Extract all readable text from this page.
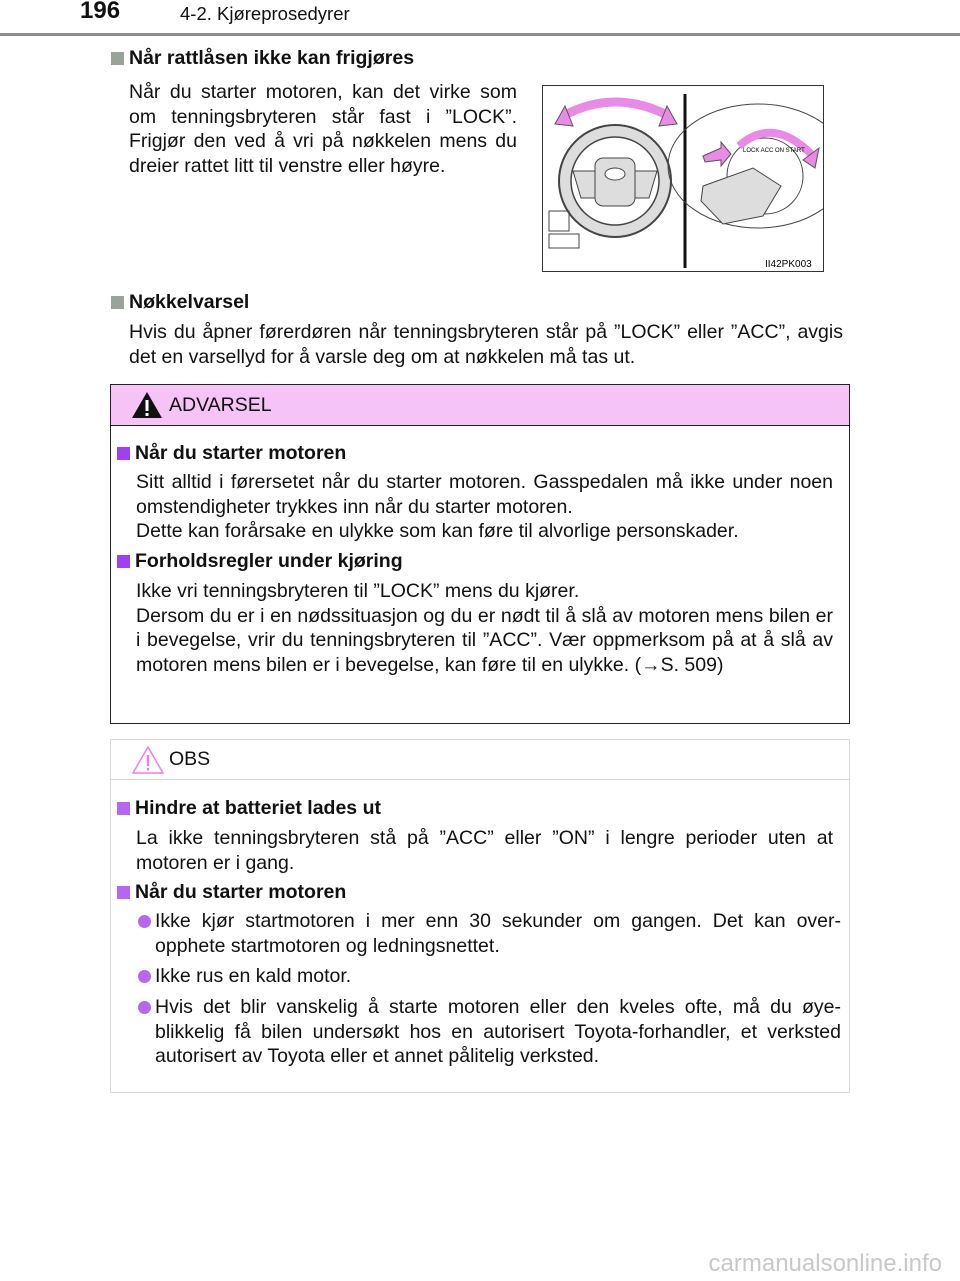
196	4-2. Kjøreprosedyrer
Når rattlåsen ikke kan frigjøres
Når du starter motoren, kan det virke som om tenningsbryteren står fast i ”LOCK”. Frigjør den ved å vri på nøkkelen mens du dreier rattet litt til venstre eller høyre.
LOCK ACC ON START
II42PK003
Nøkkelvarsel
Hvis du åpner førerdøren når tenningsbryteren står på ”LOCK” eller ”ACC”, avgis det en varsellyd for å varsle deg om at nøkkelen må tas ut.
ADVARSEL
Når du starter motoren
Sitt alltid i førersetet når du starter motoren. Gasspedalen må ikke under noen omstendigheter trykkes inn når du starter motoren.
Dette kan forårsake en ulykke som kan føre til alvorlige personskader.
Forholdsregler under kjøring
Ikke vri tenningsbryteren til ”LOCK” mens du kjører.
Dersom du er i en nødssituasjon og du er nødt til å slå av motoren mens bilen er i bevegelse, vrir du tenningsbryteren til ”ACC”. Vær oppmerksom på at å slå av motoren mens bilen er i bevegelse, kan føre til en ulykke. (→S. 509)
OBS
Hindre at batteriet lades ut
La ikke tenningsbryteren stå på ”ACC” eller ”ON” i lengre perioder uten at motoren er i gang.
Når du starter motoren
Ikke kjør startmotoren i mer enn 30 sekunder om gangen. Det kan over-opphete startmotoren og ledningsnettet.
Ikke rus en kald motor.
Hvis det blir vanskelig å starte motoren eller den kveles ofte, må du øye-blikkelig få bilen undersøkt hos en autorisert Toyota-forhandler, et verksted autorisert av Toyota eller et annet pålitelig verksted.
carmanualsonline.info
